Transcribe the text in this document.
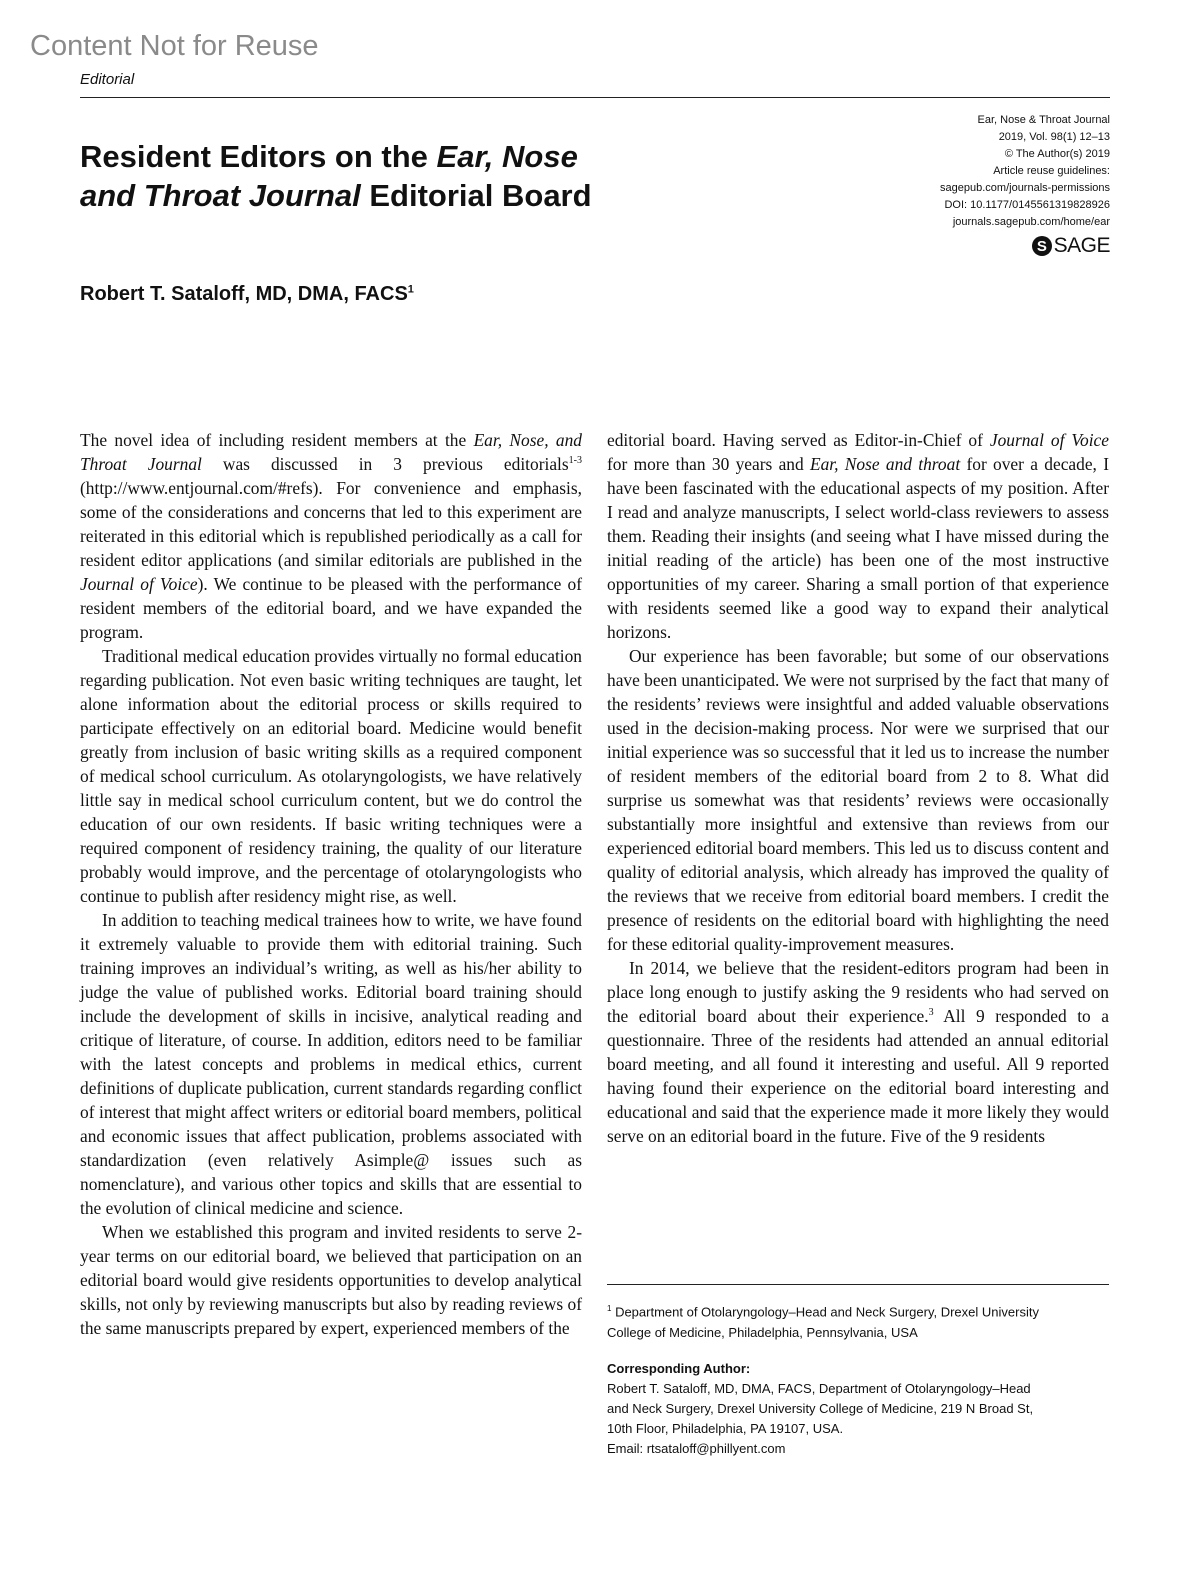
Content Not for Reuse
Editorial
Resident Editors on the Ear, Nose
and Throat Journal Editorial Board
Ear, Nose & Throat Journal
2019, Vol. 98(1) 12–13
© The Author(s) 2019
Article reuse guidelines:
sagepub.com/journals-permissions
DOI: 10.1177/0145561319828926
journals.sagepub.com/home/ear
S SAGE
Robert T. Sataloff, MD, DMA, FACS$^1$

The novel idea of including resident members at the Ear, Nose, and Throat Journal was discussed in 3 previous editorials$^{1-3}$ (http://www.entjournal.com/#refs). For convenience and emphasis, some of the considerations and concerns that led to this experiment are reiterated in this editorial which is republished periodically as a call for resident editor applications (and similar editorials are published in the Journal of Voice). We continue to be pleased with the performance of resident members of the editorial board, and we have expanded the program.

Traditional medical education provides virtually no formal education regarding publication. Not even basic writing techniques are taught, let alone information about the editorial process or skills required to participate effectively on an editorial board. Medicine would benefit greatly from inclusion of basic writing skills as a required component of medical school curriculum. As otolaryngologists, we have relatively little say in medical school curriculum content, but we do control the education of our own residents. If basic writing techniques were a required component of residency training, the quality of our literature probably would improve, and the percentage of otolaryngologists who continue to publish after residency might rise, as well.

In addition to teaching medical trainees how to write, we have found it extremely valuable to provide them with editorial training. Such training improves an individual’s writing, as well as his/her ability to judge the value of published works. Editorial board training should include the development of skills in incisive, analytical reading and critique of literature, of course. In addition, editors need to be familiar with the latest concepts and problems in medical ethics, current definitions of duplicate publication, current standards regarding conflict of interest that might affect writers or editorial board members, political and economic issues that affect publication, problems associated with standardization (even relatively Asimple@ issues such as nomenclature), and various other topics and skills that are essential to the evolution of clinical medicine and science.

When we established this program and invited residents to serve 2-year terms on our editorial board, we believed that participation on an editorial board would give residents opportunities to develop analytical skills, not only by reviewing manuscripts but also by reading reviews of the same manuscripts prepared by expert, experienced members of the

editorial board. Having served as Editor-in-Chief of Journal of Voice for more than 30 years and Ear, Nose and throat for over a decade, I have been fascinated with the educational aspects of my position. After I read and analyze manuscripts, I select world-class reviewers to assess them. Reading their insights (and seeing what I have missed during the initial reading of the article) has been one of the most instructive opportunities of my career. Sharing a small portion of that experience with residents seemed like a good way to expand their analytical horizons.

Our experience has been favorable; but some of our observations have been unanticipated. We were not surprised by the fact that many of the residents’ reviews were insightful and added valuable observations used in the decision-making process. Nor were we surprised that our initial experience was so successful that it led us to increase the number of resident members of the editorial board from 2 to 8. What did surprise us somewhat was that residents’ reviews were occasionally substantially more insightful and extensive than reviews from our experienced editorial board members. This led us to discuss content and quality of editorial analysis, which already has improved the quality of the reviews that we receive from editorial board members. I credit the presence of residents on the editorial board with highlighting the need for these editorial quality-improvement measures.

In 2014, we believe that the resident-editors program had been in place long enough to justify asking the 9 residents who had served on the editorial board about their experience.$^3$ All 9 responded to a questionnaire. Three of the residents had attended an annual editorial board meeting, and all found it interesting and useful. All 9 reported having found their experience on the editorial board interesting and educational and said that the experience made it more likely they would serve on an editorial board in the future. Five of the 9 residents

$^1$ Department of Otolaryngology–Head and Neck Surgery, Drexel University
College of Medicine, Philadelphia, Pennsylvania, USA
Corresponding Author:
Robert T. Sataloff, MD, DMA, FACS, Department of Otolaryngology–Head
and Neck Surgery, Drexel University College of Medicine, 219 N Broad St,
10th Floor, Philadelphia, PA 19107, USA.
Email: rtsataloff@phillyent.com
